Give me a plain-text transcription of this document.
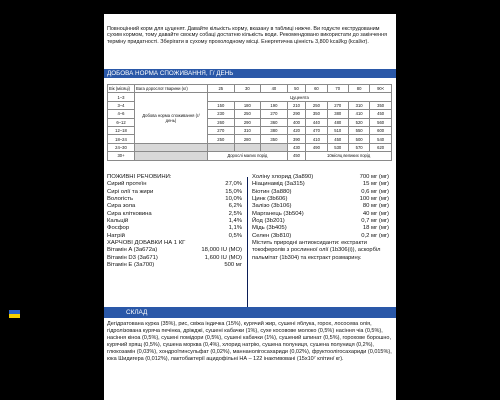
Повноцінний корм для цуценят. Давайте кількість корму, вказану в таблиці нижче. Ви годуєте екструдованим сухим кормом, тому давайте своєму собаці достатню кількість води. Рекомендовано використати до закінчення терміну придатності. Зберігати в сухому прохолодному місці. Енергетична цінність 3,800 kcal/kg (kcal/кг).
ДОБОВА НОРМА СПОЖИВАННЯ, Г/ ДЕНЬ
Вік (місяці)	Вага дорослої тварини (кг)	25	30	40	50	60	70	80	90<
1–3	Добова норма споживання (г/ день)	Цуценята							
3–4		150	180	190	210	250	270	310	350
4–6		230	250	270	290	350	380	410	450
6–12		260	290	360	400	440	480	520	560
12–18		270	310	380	420	470	510	550	600
18–24		250	280	350	390	410	450	500	540
24–30					430	490	530	570	620
30+		Дорослі малих порід			450	10місяц великих порід			
ПОЖИВНІ РЕЧОВИНИ:
Сирий протеїн	27,0%
Сирі олії та жири	15,0%
Вологість	10,0%
Сира зола	6,2%
Сира клітковина	2,5%
Кальцій	1,4%
Фосфор	1,1%
Натрій	0,5%
ХАРЧОВІ ДОБАВКИ НА 1 КГ
Вітамін A (3a672a)	18,000 IU (MO)
Вітамін D3 (3a671)	1,600 IU (MO)
Вітамін E (3a700)	500 мг
Холіну хлорид (3a890)	700 мг (мг)
Ніацинамід (3a315)	15 мг (мг)
Біотин (3a880)	0,6 мг (мг)
Цинк (3b606)	100 мг (мг)
Залізо (3b106)	80 мг (мг)
Марганець (3b504)	40 мг (мг)
Йод (3b201)	0,7 мг (мг)
Мідь (3b405)	18 мг (мг)
Селен (3b810)	0,2 мг (мг)
Містить природні антиоксиданти: екстракти токоферолів з рослинної олії (1b306(i)), аскорбіл пальмітат (1b304) та екстракт розмарину.
СКЛАД
Дегідратована курка (35%), рис, свіжа індичка (15%), курячий жир, сушені яблука, горох, лососева олія, гідролізована куряча печінка, дріжджі, сушені кабачки (1%), сухе косовове молоко (0,5%) насіння чіа (0,5%), насіння кіноа (0,5%), сушені помідори (0,5%), сушені кабачки (1%), сушений шпинат (0,5%), горохове борошно, курячий хрящ (0,5%), сушена морква (0,4%), хлорид натрію, сушена полуниця, сушена полуниця (0,2%), глюкозамін (0,03%), хондроїтинсульфат (0,02%), маннанолігосахариди (0,02%), фруктоолігосахариди (0,015%), юка Шидигера (0,012%), лактобактерії ацидофільні НА – 122 інактивовані (15х10⁷ клітин/ кг).
